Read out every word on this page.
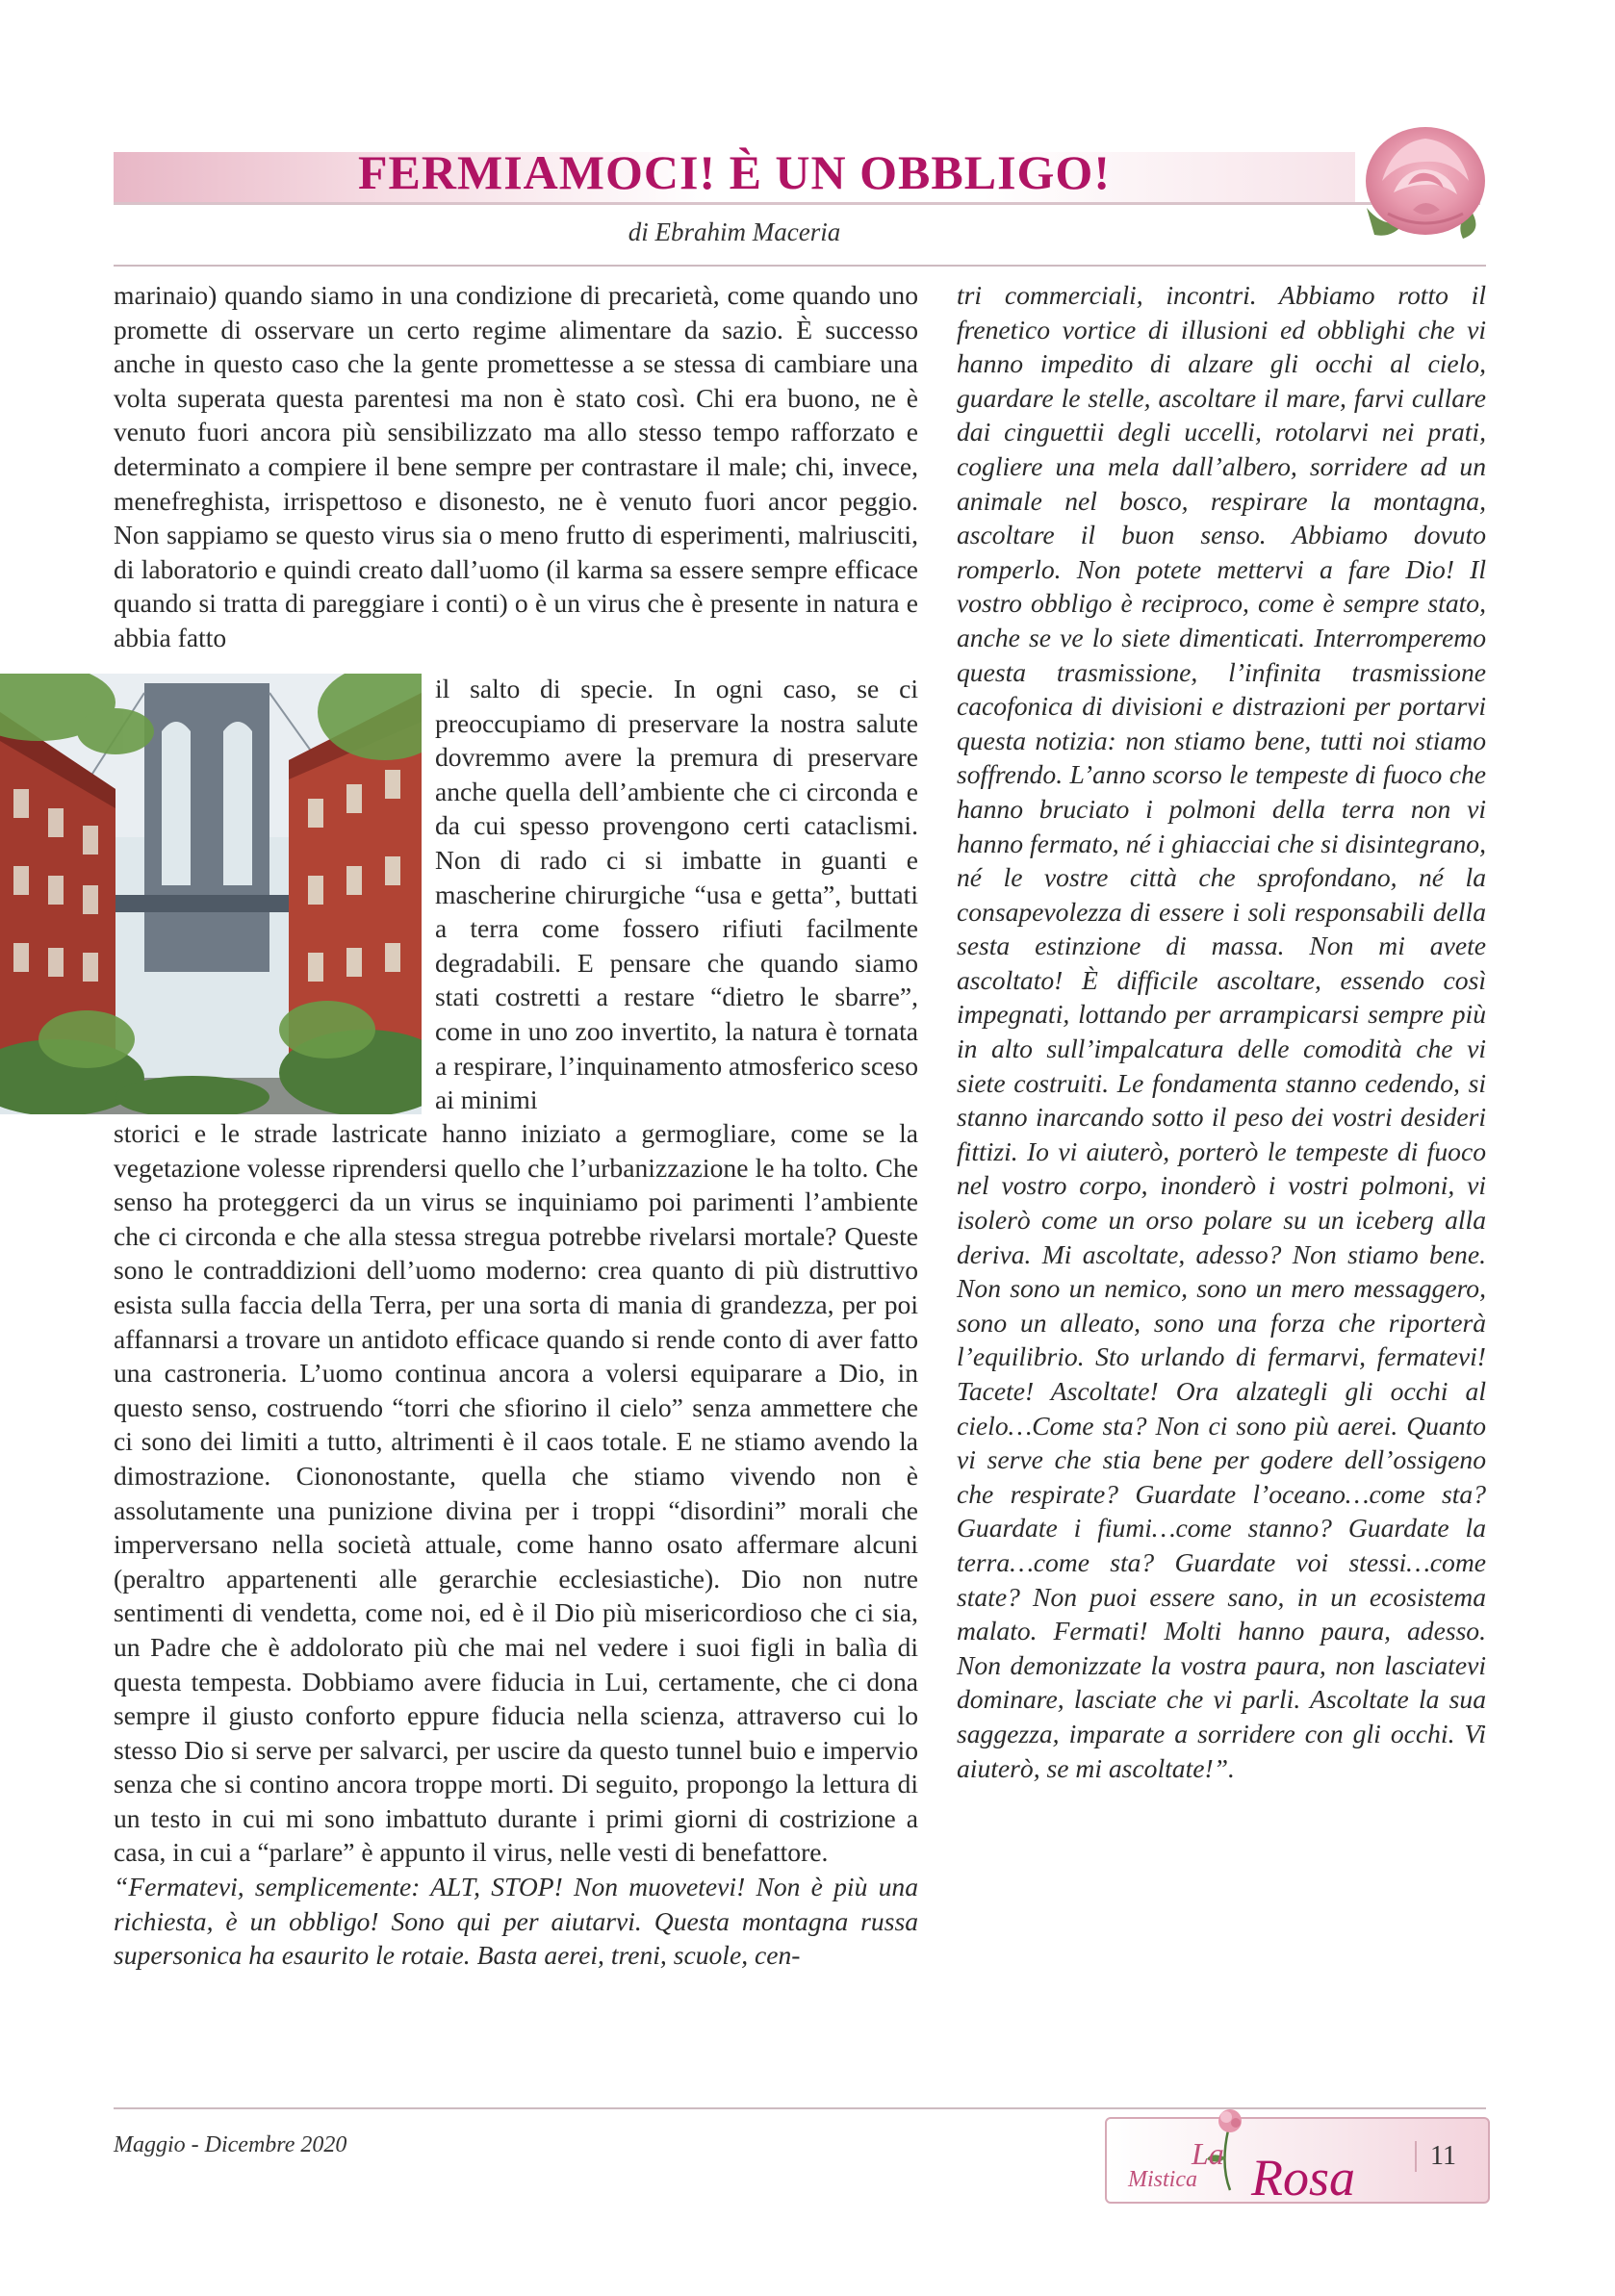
FERMIAMOCI! È UN OBBLIGO!
di Ebrahim Maceria

marinaio) quando siamo in una condizione di precarietà, come quando uno promette di osservare un certo regime alimentare da sazio. È successo anche in questo caso che la gente promettesse a se stessa di cambiare una volta superata questa parentesi ma non è stato così. Chi era buono, ne è venuto fuori ancora più sensibilizzato ma allo stesso tempo rafforzato e determinato a compiere il bene sempre per contrastare il male; chi, invece, menefreghista, irrispettoso e disonesto, ne è venuto fuori ancor peggio. Non sappiamo se questo virus sia o meno frutto di esperimenti, malriusciti, di laboratorio e quindi creato dall’uomo (il karma sa essere sempre efficace quando si tratta di pareggiare i conti) o è un virus che è presente in natura e abbia fatto

il salto di specie. In ogni caso, se ci preoccupiamo di preservare la nostra salute dovremmo avere la premura di preservare anche quella dell’ambiente che ci circonda e da cui spesso provengono certi cataclismi. Non di rado ci si imbatte in guanti e mascherine chirurgiche “usa e getta”, buttati a terra come fossero rifiuti facilmente degradabili. E pensare che quando siamo stati costretti a restare “dietro le sbarre”, come in uno zoo invertito, la natura è tornata a respirare, l’inquinamento atmosferico sceso ai minimi

storici e le strade lastricate hanno iniziato a germogliare, come se la vegetazione volesse riprendersi quello che l’urbanizzazione le ha tolto. Che senso ha proteggerci da un virus se inquiniamo poi parimenti l’ambiente che ci circonda e che alla stessa stregua potrebbe rivelarsi mortale? Queste sono le contraddizioni dell’uomo moderno: crea quanto di più distruttivo esista sulla faccia della Terra, per una sorta di mania di grandezza, per poi affannarsi a trovare un antidoto efficace quando si rende conto di aver fatto una castroneria. L’uomo continua ancora a volersi equiparare a Dio, in questo senso, costruendo “torri che sfiorino il cielo” senza ammettere che ci sono dei limiti a tutto, altrimenti è il caos totale. E ne stiamo avendo la dimostrazione. Ciononostante, quella che stiamo vivendo non è assolutamente una punizione divina per i troppi “disordini” morali che imperversano nella società attuale, come hanno osato affermare alcuni (peraltro appartenenti alle gerarchie ecclesiastiche). Dio non nutre sentimenti di vendetta, come noi, ed è il Dio più misericordioso che ci sia, un Padre che è addolorato più che mai nel vedere i suoi figli in balìa di questa tempesta. Dobbiamo avere fiducia in Lui, certamente, che ci dona sempre il giusto conforto eppure fiducia nella scienza, attraverso cui lo stesso Dio si serve per salvarci, per uscire da questo tunnel buio e impervio senza che si contino ancora troppe morti. Di seguito, propongo la lettura di un testo in cui mi sono imbattuto durante i primi giorni di costrizione a casa, in cui a “parlare” è appunto il virus, nelle vesti di benefattore.

“Fermatevi, semplicemente: ALT, STOP! Non muovetevi! Non è più una richiesta, è un obbligo! Sono qui per aiutarvi. Questa montagna russa supersonica ha esaurito le rotaie. Basta aerei, treni, scuole, cen-

tri commerciali, incontri. Abbiamo rotto il frenetico vortice di illusioni ed obblighi che vi hanno impedito di alzare gli occhi al cielo, guardare le stelle, ascoltare il mare, farvi cullare dai cinguettii degli uccelli, rotolarvi nei prati, cogliere una mela dall’albero, sorridere ad un animale nel bosco, respirare la montagna, ascoltare il buon senso. Abbiamo dovuto romperlo. Non potete mettervi a fare Dio! Il vostro obbligo è reciproco, come è sempre stato, anche se ve lo siete dimenticati. Interromperemo questa trasmissione, l’infinita trasmissione cacofonica di divisioni e distrazioni per portarvi questa notizia: non stiamo bene, tutti noi stiamo soffrendo. L’anno scorso le tempeste di fuoco che hanno bruciato i polmoni della terra non vi hanno fermato, né i ghiacciai che si disintegrano, né le vostre città che sprofondano, né la consapevolezza di essere i soli responsabili della sesta estinzione di massa. Non mi avete ascoltato! È difficile ascoltare, essendo così impegnati, lottando per arrampicarsi sempre più in alto sull’impalcatura delle comodità che vi siete costruiti. Le fondamenta stanno cedendo, si stanno inarcando sotto il peso dei vostri desideri fittizi. Io vi aiuterò, porterò le tempeste di fuoco nel vostro corpo, inonderò i vostri polmoni, vi isolerò come un orso polare su un iceberg alla deriva. Mi ascoltate, adesso? Non stiamo bene. Non sono un nemico, sono un mero messaggero, sono un alleato, sono una forza che riporterà l’equilibrio. Sto urlando di fermarvi, fermatevi! Tacete! Ascoltate! Ora alzategli gli occhi al cielo…Come sta? Non ci sono più aerei. Quanto vi serve che stia bene per godere dell’ossigeno che respirate? Guardate l’oceano…come sta? Guardate i fiumi…come stanno? Guardate la terra…come sta? Guardate voi stessi…come state? Non puoi essere sano, in un ecosistema malato. Fermati! Molti hanno paura, adesso. Non demonizzate la vostra paura, non lasciatevi dominare, lasciate che vi parli. Ascoltate la sua saggezza, imparate a sorridere con gli occhi. Vi aiuterò, se mi ascoltate!”.

Maggio - Dicembre 2020	La
Mistica Rosa	11
